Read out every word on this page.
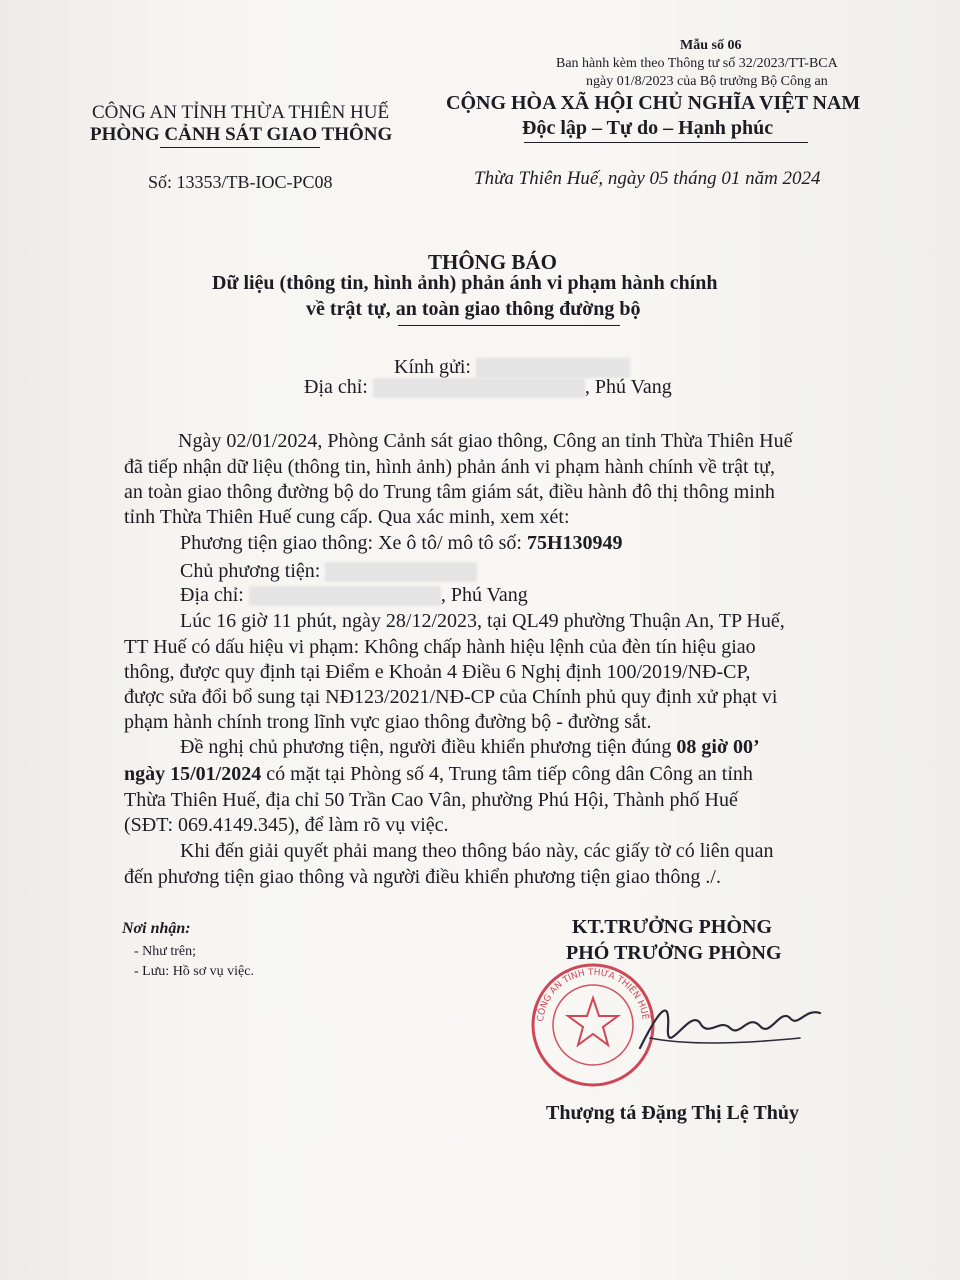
Mẫu số 06
Ban hành kèm theo Thông tư số 32/2023/TT-BCA
ngày 01/8/2023 của Bộ trưởng Bộ Công an
CÔNG AN TỈNH THỪA THIÊN HUẾ
PHÒNG CẢNH SÁT GIAO THÔNG
CỘNG HÒA XÃ HỘI CHỦ NGHĨA VIỆT NAM
Độc lập – Tự do – Hạnh phúc
Số: 13353/TB-IOC-PC08	Thừa Thiên Huế, ngày 05 tháng 01 năm 2024
THÔNG BÁO
Dữ liệu (thông tin, hình ảnh) phản ánh vi phạm hành chính
về trật tự, an toàn giao thông đường bộ
Kính gửi:
Địa chỉ:	, Phú Vang
Ngày 02/01/2024, Phòng Cảnh sát giao thông, Công an tỉnh Thừa Thiên Huế
đã tiếp nhận dữ liệu (thông tin, hình ảnh) phản ánh vi phạm hành chính về trật tự,
an toàn giao thông đường bộ do Trung tâm giám sát, điều hành đô thị thông minh
tỉnh Thừa Thiên Huế cung cấp. Qua xác minh, xem xét:
Phương tiện giao thông: Xe ô tô/ mô tô số: 75H130949
Chủ phương tiện:
Địa chỉ:	, Phú Vang
Lúc 16 giờ 11 phút, ngày 28/12/2023, tại QL49 phường Thuận An, TP Huế,
TT Huế có dấu hiệu vi phạm: Không chấp hành hiệu lệnh của đèn tín hiệu giao
thông, được quy định tại Điểm e Khoản 4 Điều 6 Nghị định 100/2019/NĐ-CP,
được sửa đổi bổ sung tại NĐ123/2021/NĐ-CP của Chính phủ quy định xử phạt vi
phạm hành chính trong lĩnh vực giao thông đường bộ - đường sắt.
Đề nghị chủ phương tiện, người điều khiển phương tiện đúng 08 giờ 00’
ngày 15/01/2024 có mặt tại Phòng số 4, Trung tâm tiếp công dân Công an tỉnh
Thừa Thiên Huế, địa chỉ 50 Trần Cao Vân, phường Phú Hội, Thành phố Huế
(SĐT: 069.4149.345), để làm rõ vụ việc.
Khi đến giải quyết phải mang theo thông báo này, các giấy tờ có liên quan
đến phương tiện giao thông và người điều khiển phương tiện giao thông ./.
Nơi nhận:
- Như trên;
- Lưu: Hồ sơ vụ việc.
KT.TRƯỞNG PHÒNG
PHÓ TRƯỞNG PHÒNG
CÔNG AN TỈNH THỪA THIÊN HUẾ
Thượng tá Đặng Thị Lệ Thủy
